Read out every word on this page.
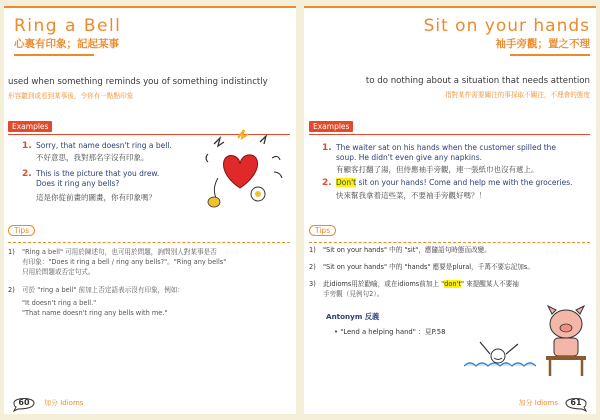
Ring a Bell
心裏有印象；記起某事
used when something reminds you of something indistinctly
形容聽到或看到某事後，令你有一點點印象
Examples
1. Sorry, that name doesn't ring a bell.
不好意思，我對那名字沒有印象。
2. This is the picture that you drew.
Does it ring any bells?
這是你從前畫的圖畫，你有印象嗎？
Tips
1) "Ring a bell" 可用於陳述句，也可用於問題，詢問別人對某事是否
有印象："Does it ring a bell / ring any bells?"。"Ring any bells"
只用於問題或否定句式。
2) 可於 "ring a bell" 前加上否定語表示沒有印象，例如：
"It doesn't ring a bell."
"That name doesn't ring any bells with me."
60	加分 Idioms
Sit on your hands
袖手旁觀；置之不理
to do nothing about a situation that needs attention
指對某件需要關注的事採取不關注，不理會的態度
Examples
1. The waiter sat on his hands when the customer spilled the
soup. He didn't even give any napkins.
有顧客打翻了湯，但侍應袖手旁觀，連一張紙巾也沒有遞上。
2. Don't sit on your hands! Come and help me with the groceries.
快來幫我拿着這些菜，不要袖手旁觀好嗎？！
Tips
1) "Sit on your hands" 中的 "sit"，應隨語句時態而改變。
2) "Sit on your hands" 中的 "hands" 應要是plural，千萬不要忘記加s。
3) 此idioms用於勸喻，或在idioms前加上 "don't" 來提醒某人不要袖
手旁觀（見例句2）。
Antonym 反義
• "Lend a helping hand" ：見P.58
61
加分 Idioms
